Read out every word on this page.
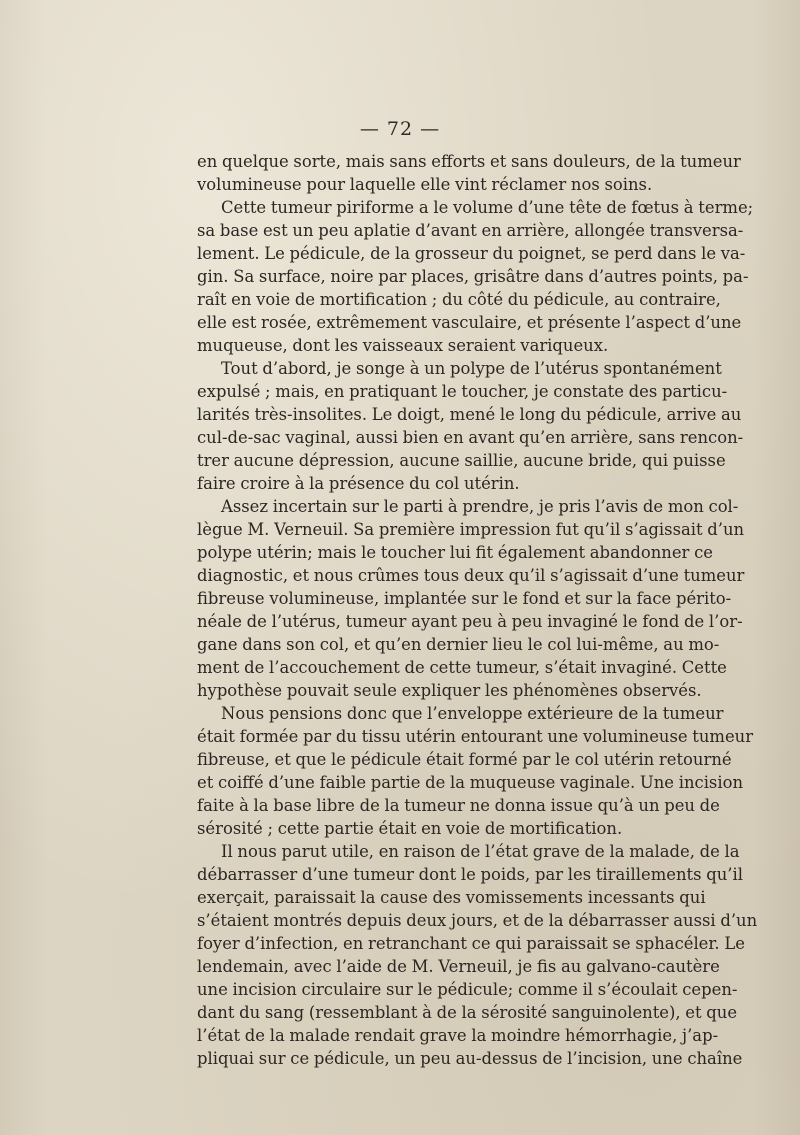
— 72 —
en quelque sorte, mais sans efforts et sans douleurs, de la tumeur
volumineuse pour laquelle elle vint réclamer nos soins.
Cette tumeur piriforme a le volume d’une tête de fœtus à terme;
sa base est un peu aplatie d’avant en arrière, allongée transversa-
lement. Le pédicule, de la grosseur du poignet, se perd dans le va-
gin. Sa surface, noire par places, grisâtre dans d’autres points, pa-
raît en voie de mortification ; du côté du pédicule, au contraire,
elle est rosée, extrêmement vasculaire, et présente l’aspect d’une
muqueuse, dont les vaisseaux seraient variqueux.
Tout d’abord, je songe à un polype de l’utérus spontanément
expulsé ; mais, en pratiquant le toucher, je constate des particu-
larités très-insolites. Le doigt, mené le long du pédicule, arrive au
cul-de-sac vaginal, aussi bien en avant qu’en arrière, sans rencon-
trer aucune dépression, aucune saillie, aucune bride, qui puisse
faire croire à la présence du col utérin.
Assez incertain sur le parti à prendre, je pris l’avis de mon col-
lègue M. Verneuil. Sa première impression fut qu’il s’agissait d’un
polype utérin; mais le toucher lui fit également abandonner ce
diagnostic, et nous crûmes tous deux qu’il s’agissait d’une tumeur
fibreuse volumineuse, implantée sur le fond et sur la face périto-
néale de l’utérus, tumeur ayant peu à peu invaginé le fond de l’or-
gane dans son col, et qu’en dernier lieu le col lui-même, au mo-
ment de l’accouchement de cette tumeur, s’était invaginé. Cette
hypothèse pouvait seule expliquer les phénomènes observés.
Nous pensions donc que l’enveloppe extérieure de la tumeur
était formée par du tissu utérin entourant une volumineuse tumeur
fibreuse, et que le pédicule était formé par le col utérin retourné
et coiffé d’une faible partie de la muqueuse vaginale. Une incision
faite à la base libre de la tumeur ne donna issue qu’à un peu de
sérosité ; cette partie était en voie de mortification.
Il nous parut utile, en raison de l’état grave de la malade, de la
débarrasser d’une tumeur dont le poids, par les tiraillements qu’il
exerçait, paraissait la cause des vomissements incessants qui
s’étaient montrés depuis deux jours, et de la débarrasser aussi d’un
foyer d’infection, en retranchant ce qui paraissait se sphacéler. Le
lendemain, avec l’aide de M. Verneuil, je fis au galvano-cautère
une incision circulaire sur le pédicule; comme il s’écoulait cepen-
dant du sang (ressemblant à de la sérosité sanguinolente), et que
l’état de la malade rendait grave la moindre hémorrhagie, j’ap-
pliquai sur ce pédicule, un peu au-dessus de l’incision, une chaîne
